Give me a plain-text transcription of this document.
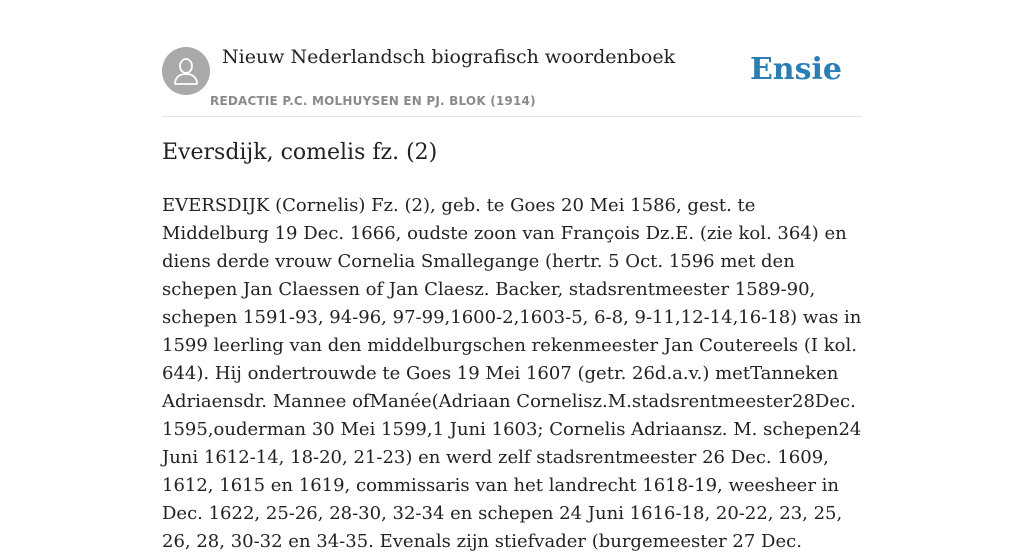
Nieuw Nederlandsch biografisch woordenboek
REDACTIE P.C. MOLHUYSEN EN PJ. BLOK (1914)
Ensie
Eversdijk, comelis fz. (2)

EVERSDIJK (Cornelis) Fz. (2), geb. te Goes 20 Mei 1586, gest. te Middelburg 19 Dec. 1666, oudste zoon van François Dz.E. (zie kol. 364) en diens derde vrouw Cornelia Smallegange (hertr. 5 Oct. 1596 met den schepen Jan Claessen of Jan Claesz. Backer, stadsrentmeester 1589-90, schepen 1591-93, 94-96, 97-99,1600-2,1603-5, 6-8, 9-11,12-14,16-18) was in 1599 leerling van den middelburgschen rekenmeester Jan Coutereels (I kol. 644). Hij ondertrouwde te Goes 19 Mei 1607 (getr. 26d.a.v.) metTanneken Adriaensdr. Mannee ofManée(Adriaan Cornelisz.M.stadsrentmeester28Dec. 1595,ouderman 30 Mei 1599,1 Juni 1603; Cornelis Adriaansz. M. schepen24 Juni 1612-14, 18-20, 21-23) en werd zelf stadsrentmeester 26 Dec. 1609, 1612, 1615 en 1619, commissaris van het landrecht 1618-19, weesheer in Dec. 1622, 25-26, 28-30, 32-34 en schepen 24 Juni 1616-18, 20-22, 23, 25, 26, 28, 30-32 en 34-35. Evenals zijn stiefvader (burgemeester 27 Dec.
